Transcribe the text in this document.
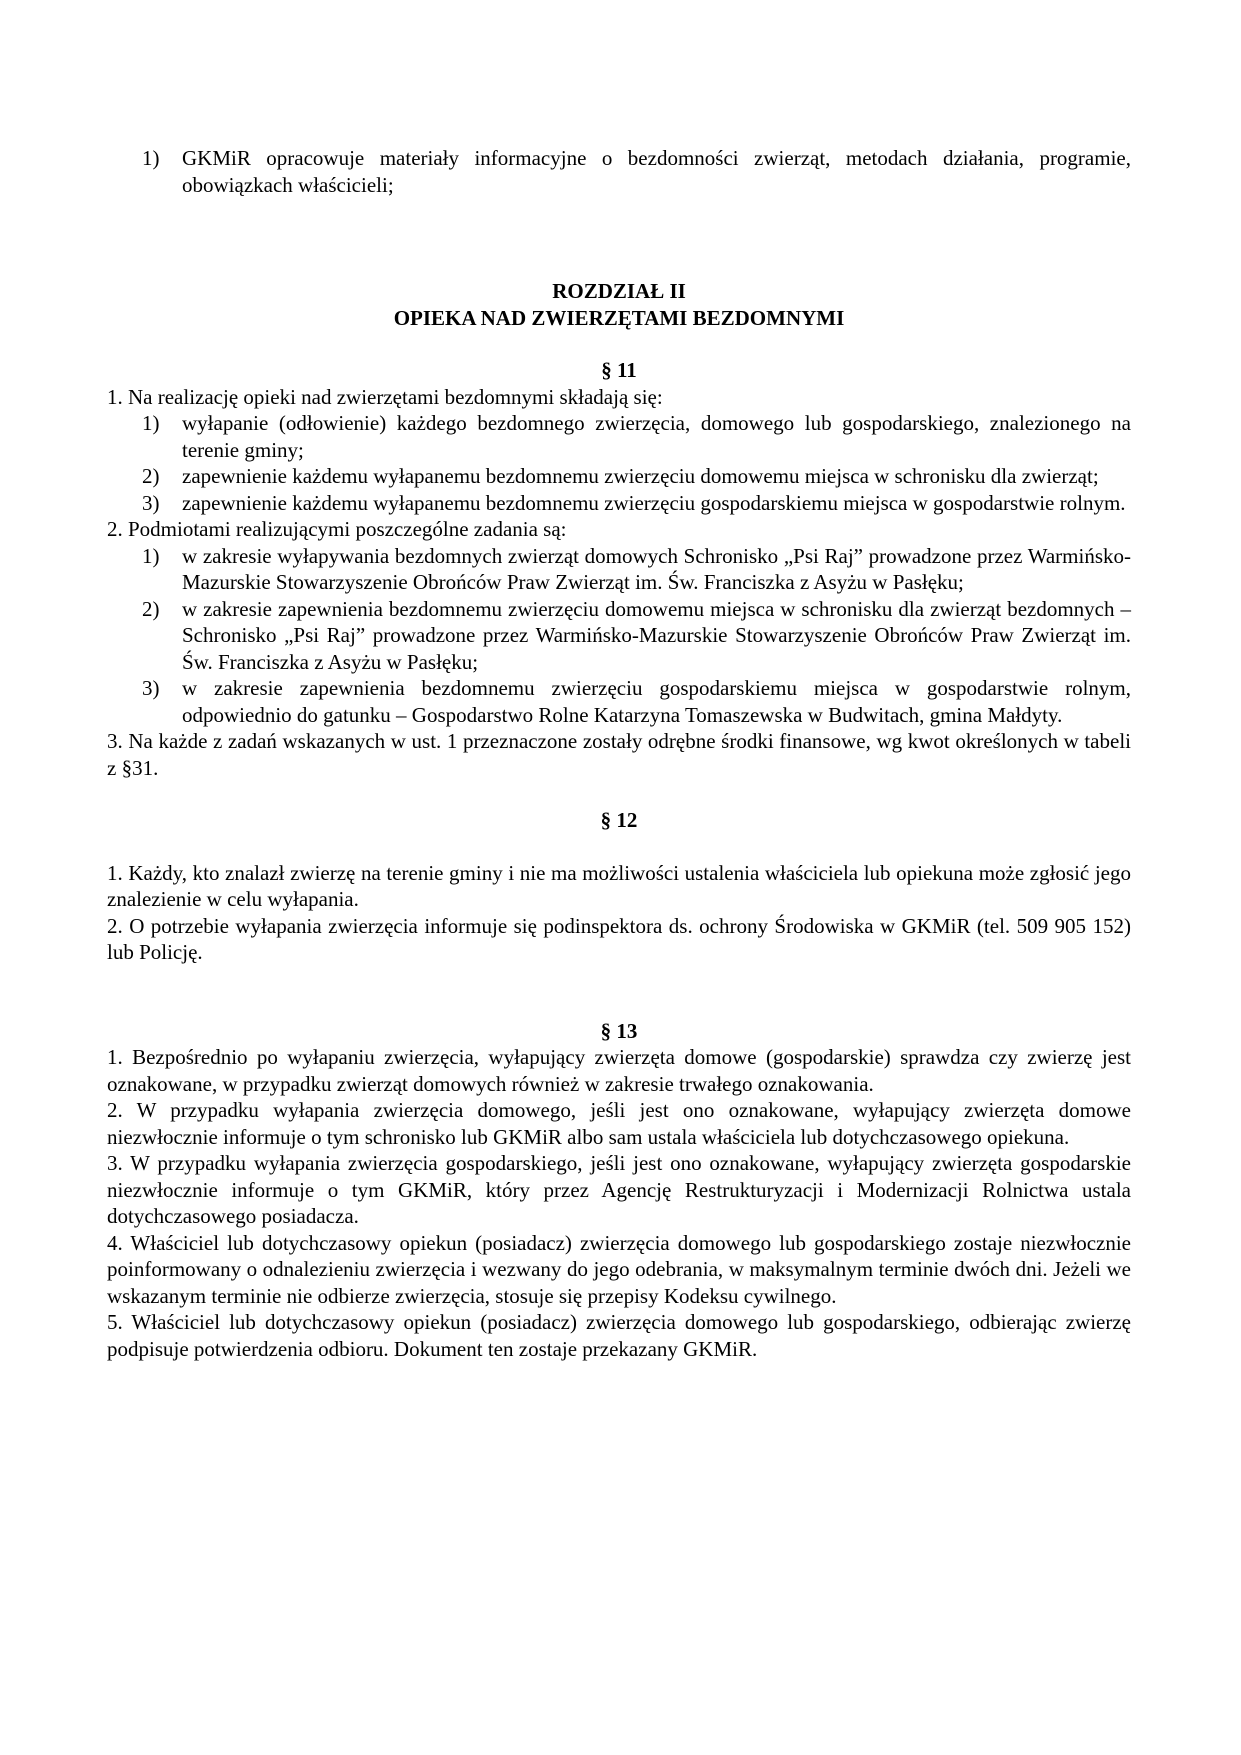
1) GKMiR opracowuje materiały informacyjne o bezdomności zwierząt, metodach działania, programie, obowiązkach właścicieli;

ROZDZIAŁ II

OPIEKA NAD ZWIERZĘTAMI BEZDOMNYMI

§ 11

1. Na realizację opieki nad zwierzętami bezdomnymi składają się:

1) wyłapanie (odłowienie) każdego bezdomnego zwierzęcia, domowego lub gospodarskiego, znalezionego na terenie gminy;
2) zapewnienie każdemu wyłapanemu bezdomnemu zwierzęciu domowemu miejsca w schronisku dla zwierząt;
3) zapewnienie każdemu wyłapanemu bezdomnemu zwierzęciu gospodarskiemu miejsca w gospodarstwie rolnym.

2. Podmiotami realizującymi poszczególne zadania są:

1) w zakresie wyłapywania bezdomnych zwierząt domowych Schronisko „Psi Raj” prowadzone przez Warmińsko-Mazurskie Stowarzyszenie Obrońców Praw Zwierząt im. Św. Franciszka z Asyżu w Pasłęku;
2) w zakresie zapewnienia bezdomnemu zwierzęciu domowemu miejsca w schronisku dla zwierząt bezdomnych – Schronisko „Psi Raj” prowadzone przez Warmińsko-Mazurskie Stowarzyszenie Obrońców Praw Zwierząt im. Św. Franciszka z Asyżu w Pasłęku;
3) w zakresie zapewnienia bezdomnemu zwierzęciu gospodarskiemu miejsca w gospodarstwie rolnym, odpowiednio do gatunku – Gospodarstwo Rolne Katarzyna Tomaszewska w Budwitach, gmina Małdyty.

3. Na każde z zadań wskazanych w ust. 1 przeznaczone zostały odrębne środki finansowe, wg kwot określonych w tabeli z §31.

§ 12

1. Każdy, kto znalazł zwierzę na terenie gminy i nie ma możliwości ustalenia właściciela lub opiekuna może zgłosić jego znalezienie w celu wyłapania.

2. O potrzebie wyłapania zwierzęcia informuje się podinspektora ds. ochrony Środowiska w GKMiR (tel. 509 905 152) lub Policję.

§ 13

1. Bezpośrednio po wyłapaniu zwierzęcia, wyłapujący zwierzęta domowe (gospodarskie) sprawdza czy zwierzę jest oznakowane, w przypadku zwierząt domowych również w zakresie trwałego oznakowania.

2. W przypadku wyłapania zwierzęcia domowego, jeśli jest ono oznakowane, wyłapujący zwierzęta domowe niezwłocznie informuje o tym schronisko lub GKMiR albo sam ustala właściciela lub dotychczasowego opiekuna.

3. W przypadku wyłapania zwierzęcia gospodarskiego, jeśli jest ono oznakowane, wyłapujący zwierzęta gospodarskie niezwłocznie informuje o tym GKMiR, który przez Agencję Restrukturyzacji i Modernizacji Rolnictwa ustala dotychczasowego posiadacza.

4. Właściciel lub dotychczasowy opiekun (posiadacz) zwierzęcia domowego lub gospodarskiego zostaje niezwłocznie poinformowany o odnalezieniu zwierzęcia i wezwany do jego odebrania, w maksymalnym terminie dwóch dni. Jeżeli we wskazanym terminie nie odbierze zwierzęcia, stosuje się przepisy Kodeksu cywilnego.

5. Właściciel lub dotychczasowy opiekun (posiadacz) zwierzęcia domowego lub gospodarskiego, odbierając zwierzę podpisuje potwierdzenia odbioru. Dokument ten zostaje przekazany GKMiR.
